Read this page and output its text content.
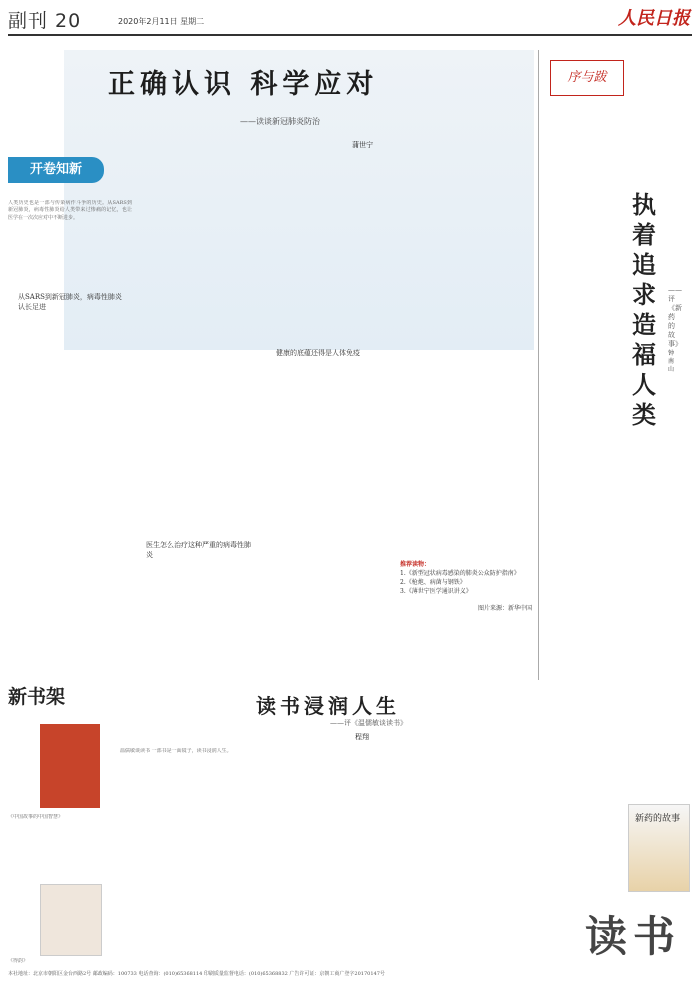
副刊 20	2020年2月11日 星期二	人民日报
正确认识 科学应对
——读谈新冠肺炎防治
蒲世宁
开卷知新
从SARS到新冠肺炎，病毒性肺炎认长足进
医生怎么治疗这种严重的病毒性肺炎
健康的底蕴还得是人体免疫

人类历史也是一部与传染病作斗争的历史。从SARS到新冠肺炎，病毒性肺炎给人类带来过惨痛的记忆，也让医学在一次次应对中不断进步。

推荐读物：
1.《新型冠状病毒感染的肺炎公众防护指南》
2.《枪炮、病菌与钢铁》
3.《薄世宁医学通识讲义》
图片来源：新华中国
序与跋
执着追求 造福人类
——评《新药的故事》
钟南山
新书架

《中国故事的中国智慧》

《得韵》

读书浸润人生
——评《温儒敏谈读书》
程翔

温儒敏谈读书 一部书是一面镜子，读书浸润人生。

新药的故事
读书
本社地址：北京市朝阳区金台西路2号 邮政编码：100733 电话查询：(010)65368114 印刷质量监督电话：(010)65368832 广告许可证：京朝工商广登字20170147号
